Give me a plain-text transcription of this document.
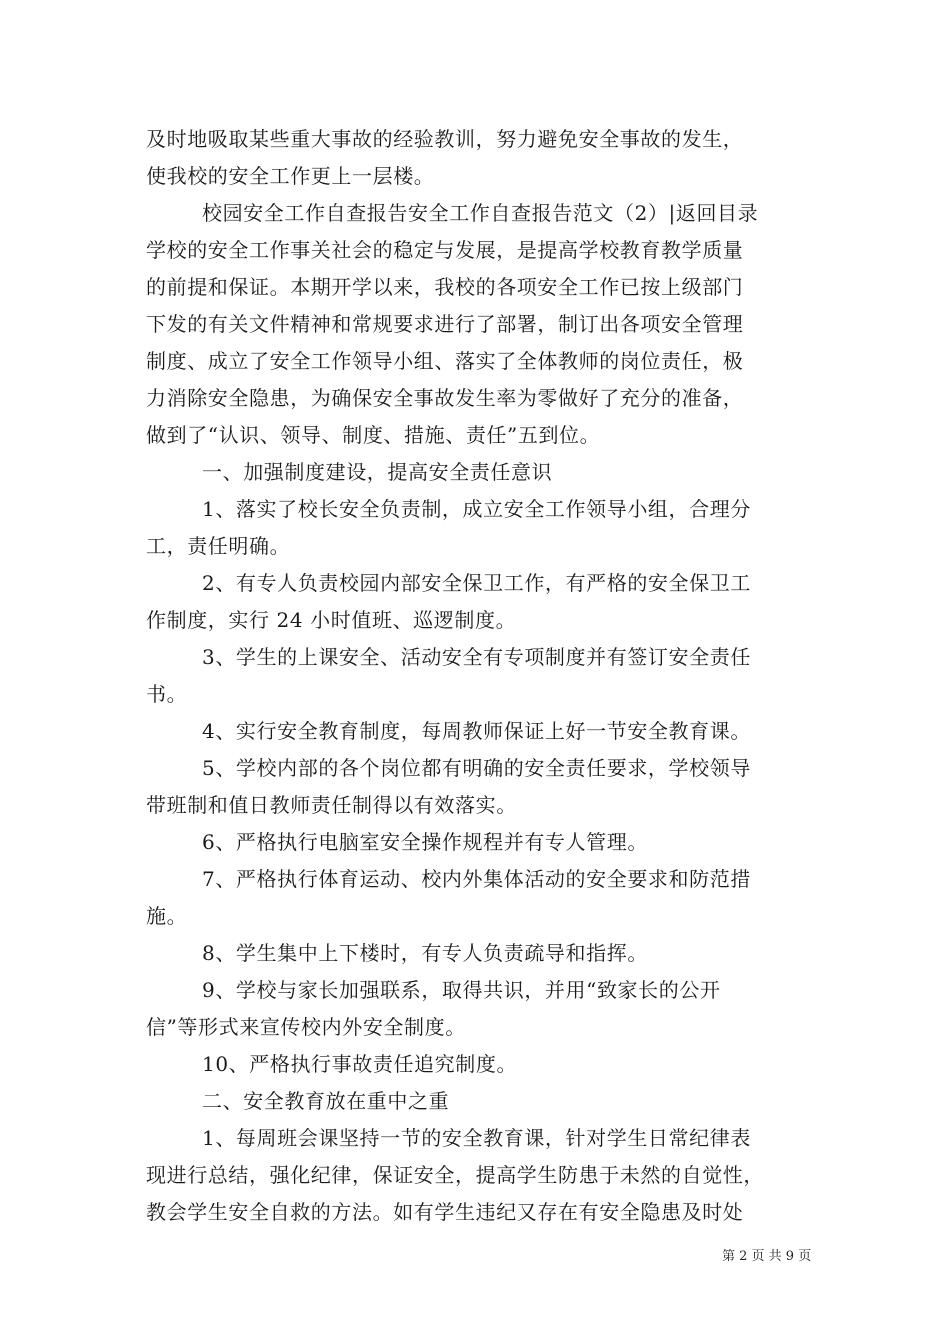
及时地吸取某些重大事故的经验教训，努力避免安全事故的发生，
使我校的安全工作更上一层楼。
校园安全工作自查报告安全工作自查报告范文（2）|返回目录
学校的安全工作事关社会的稳定与发展，是提高学校教育教学质量
的前提和保证。本期开学以来，我校的各项安全工作已按上级部门
下发的有关文件精神和常规要求进行了部署，制订出各项安全管理
制度、成立了安全工作领导小组、落实了全体教师的岗位责任，极
力消除安全隐患，为确保安全事故发生率为零做好了充分的准备，
做到了“认识、领导、制度、措施、责任”五到位。
一、加强制度建设，提高安全责任意识
1、落实了校长安全负责制，成立安全工作领导小组，合理分
工，责任明确。
2、有专人负责校园内部安全保卫工作，有严格的安全保卫工
作制度，实行 24 小时值班、巡逻制度。
3、学生的上课安全、活动安全有专项制度并有签订安全责任
书。
4、实行安全教育制度，每周教师保证上好一节安全教育课。
5、学校内部的各个岗位都有明确的安全责任要求，学校领导
带班制和值日教师责任制得以有效落实。
6、严格执行电脑室安全操作规程并有专人管理。
7、严格执行体育运动、校内外集体活动的安全要求和防范措
施。
8、学生集中上下楼时，有专人负责疏导和指挥。
9、学校与家长加强联系，取得共识，并用“致家长的公开
信”等形式来宣传校内外安全制度。
10、严格执行事故责任追究制度。
二、安全教育放在重中之重
1、每周班会课坚持一节的安全教育课，针对学生日常纪律表
现进行总结，强化纪律，保证安全，提高学生防患于未然的自觉性，
教会学生安全自救的方法。如有学生违纪又存在有安全隐患及时处
第 2 页 共 9 页
